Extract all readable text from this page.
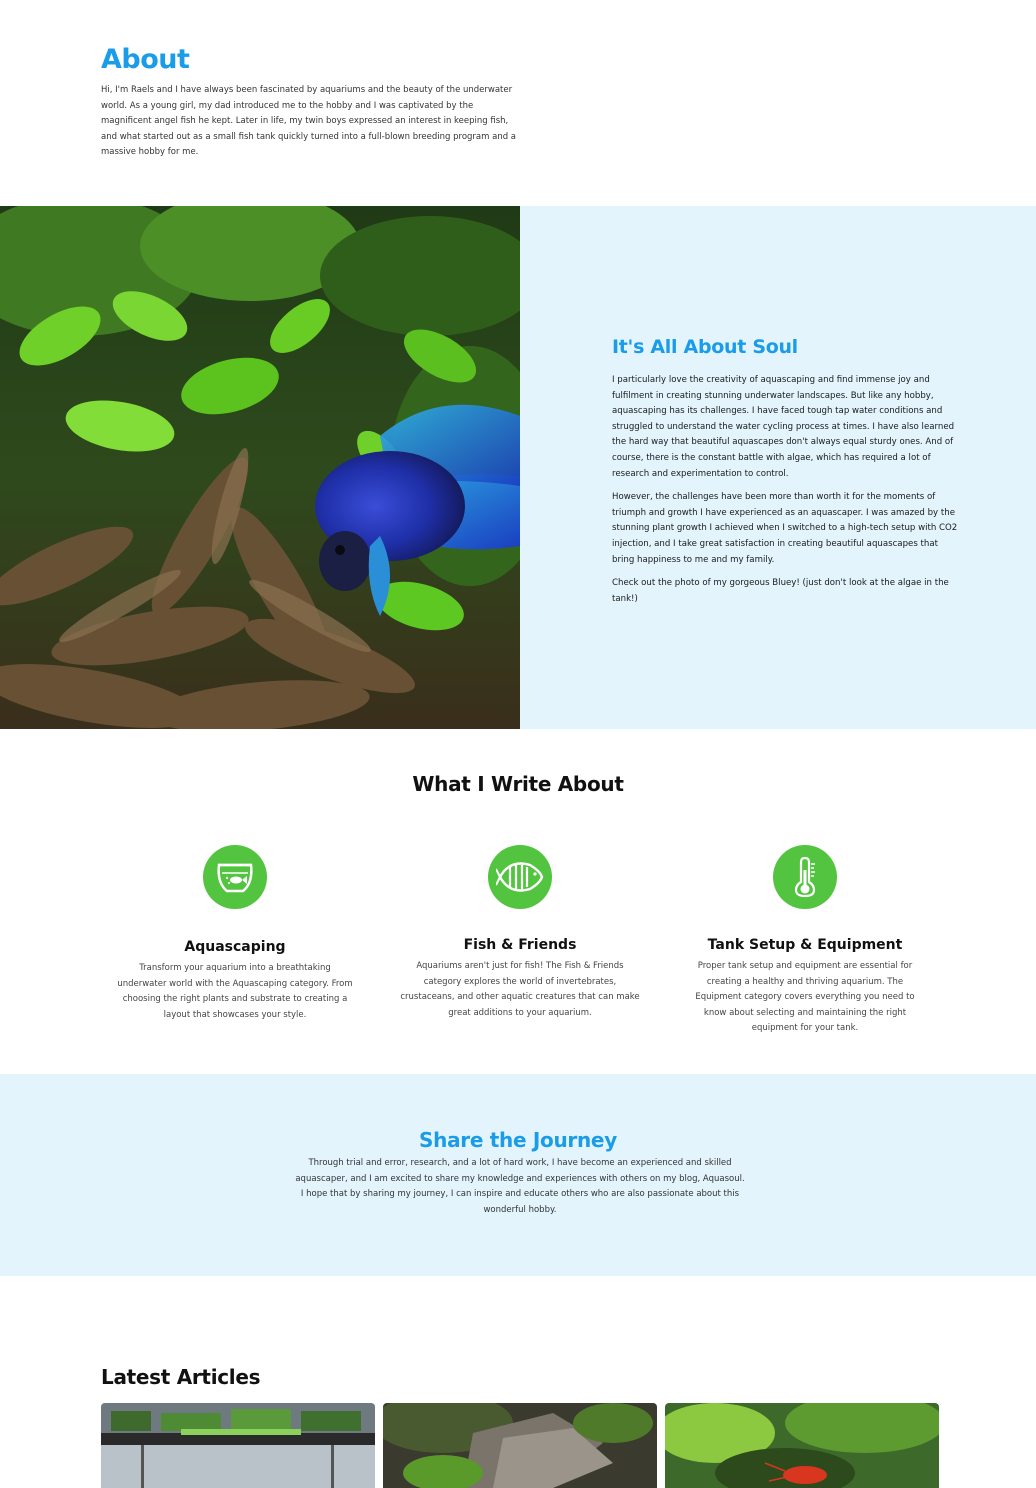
About

Hi, I'm Raels and I have always been fascinated by aquariums and the beauty of the underwater world. As a young girl, my dad introduced me to the hobby and I was captivated by the magnificent angel fish he kept. Later in life, my twin boys expressed an interest in keeping fish, and what started out as a small fish tank quickly turned into a full-blown breeding program and a massive hobby for me.

It's All About Soul

I particularly love the creativity of aquascaping and find immense joy and fulfilment in creating stunning underwater landscapes. But like any hobby, aquascaping has its challenges. I have faced tough tap water conditions and struggled to understand the water cycling process at times. I have also learned the hard way that beautiful aquascapes don't always equal sturdy ones. And of course, there is the constant battle with algae, which has required a lot of research and experimentation to control.

However, the challenges have been more than worth it for the moments of triumph and growth I have experienced as an aquascaper. I was amazed by the stunning plant growth I achieved when I switched to a high-tech setup with CO2 injection, and I take great satisfaction in creating beautiful aquascapes that bring happiness to me and my family.

Check out the photo of my gorgeous Bluey! (just don't look at the algae in the tank!)

What I Write About
Aquascaping

Transform your aquarium into a breathtaking underwater world with the Aquascaping category. From choosing the right plants and substrate to creating a layout that showcases your style.

Fish & Friends

Aquariums aren't just for fish! The Fish & Friends category explores the world of invertebrates, crustaceans, and other aquatic creatures that can make great additions to your aquarium.

Tank Setup & Equipment

Proper tank setup and equipment are essential for creating a healthy and thriving aquarium. The Equipment category covers everything you need to know about selecting and maintaining the right equipment for your tank.

Share the Journey

Through trial and error, research, and a lot of hard work, I have become an experienced and skilled aquascaper, and I am excited to share my knowledge and experiences with others on my blog, Aquasoul. I hope that by sharing my journey, I can inspire and educate others who are also passionate about this wonderful hobby.

Latest Articles
